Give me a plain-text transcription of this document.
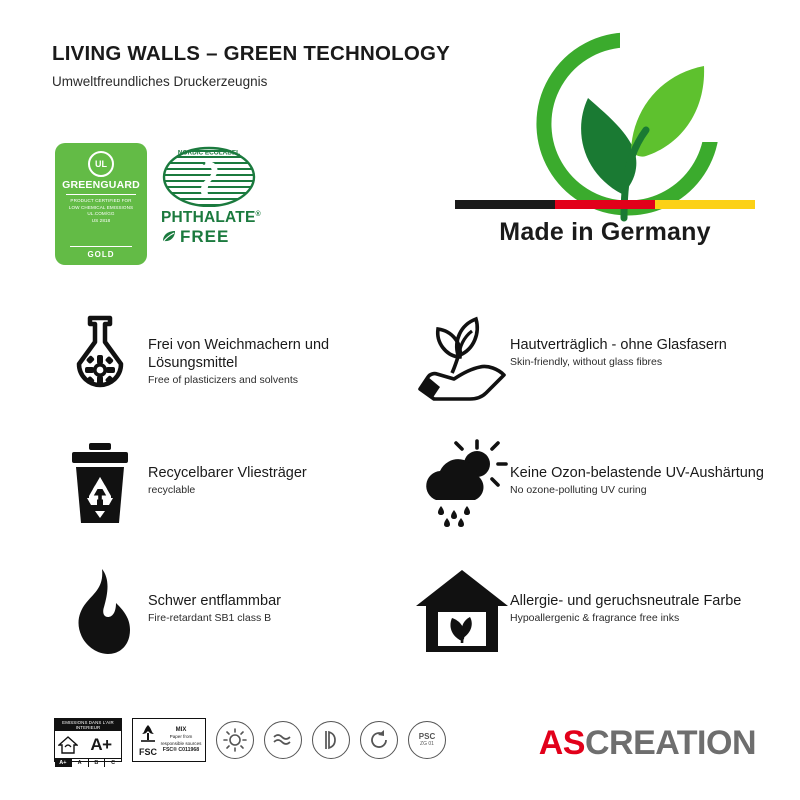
LIVING WALLS – GREEN TECHNOLOGY

Umweltfreundliches Druckerzeugnis

UL
GREENGUARD
PRODUCT CERTIFIED FOR
LOW CHEMICAL EMISSIONS
UL.COM/GG
US 2818
GOLD
NORDIC ECOLABEL
PHTHALATE®
FREE	Made in Germany

Frei von Weichmachern und Lösungsmittel

Free of plasticizers and solvents

Hautverträglich - ohne Glasfasern

Skin-friendly, without glass fibres

Recycelbarer Vliesträger

recyclable

Keine Ozon-belastende UV-Aushärtung

No ozone-polluting UV curing

Schwer entflammbar

Fire-retardant SB1 class B

Allergie- und geruchsneutrale Farbe

Hypoallergenic & fragrance free inks

EMISSIONS DANS L'AIR INTERIEUR
A+
A+	A	B	C
FSC
MIX
Paper from
responsible sources
FSC® C011968
PSC
ZG 01	ASCREATION
